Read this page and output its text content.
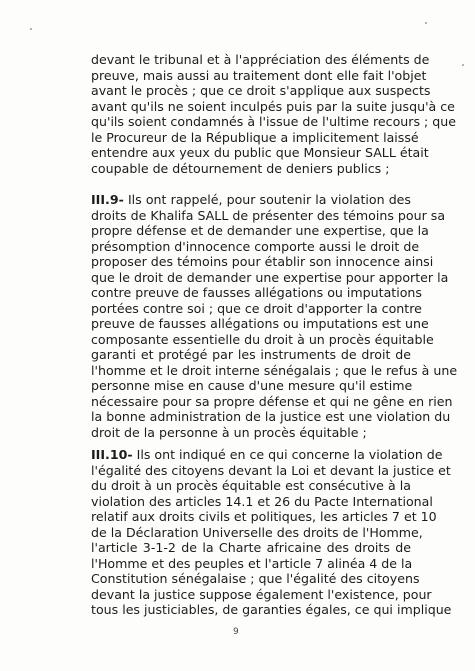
devant le tribunal et à l'appréciation des éléments de
preuve, mais aussi au traitement dont elle fait l'objet
avant le procès ; que ce droit s'applique aux suspects
avant qu'ils ne soient inculpés puis par la suite jusqu'à ce
qu'ils soient condamnés à l'issue de l'ultime recours ; que
le Procureur de la République a implicitement laissé
entendre aux yeux du public que Monsieur SALL était
coupable de détournement de deniers publics ;
III.9- Ils ont rappelé, pour soutenir la violation des
droits de Khalifa SALL de présenter des témoins pour sa
propre défense et de demander une expertise, que la
présomption d'innocence comporte aussi le droit de
proposer des témoins pour établir son innocence ainsi
que le droit de demander une expertise pour apporter la
contre preuve de fausses allégations ou imputations
portées contre soi ; que ce droit d'apporter la contre
preuve de fausses allégations ou imputations est une
composante essentielle du droit à un procès équitable
garanti et protégé par les instruments de droit de
l'homme et le droit interne sénégalais ; que le refus à une
personne mise en cause d'une mesure qu'il estime
nécessaire pour sa propre défense et qui ne gêne en rien
la bonne administration de la justice est une violation du
droit de la personne à un procès équitable ;
III.10- Ils ont indiqué en ce qui concerne la violation de
l'égalité des citoyens devant la Loi et devant la justice et
du droit à un procès équitable est consécutive à la
violation des articles 14.1 et 26 du Pacte International
relatif aux droits civils et politiques, les articles 7 et 10
de la Déclaration Universelle des droits de l'Homme,
l'article 3-1-2 de la Charte africaine des droits de
l'Homme et des peuples et l'article 7 alinéa 4 de la
Constitution sénégalaise ; que l'égalité des citoyens
devant la justice suppose également l'existence, pour
tous les justiciables, de garanties égales, ce qui implique
9
